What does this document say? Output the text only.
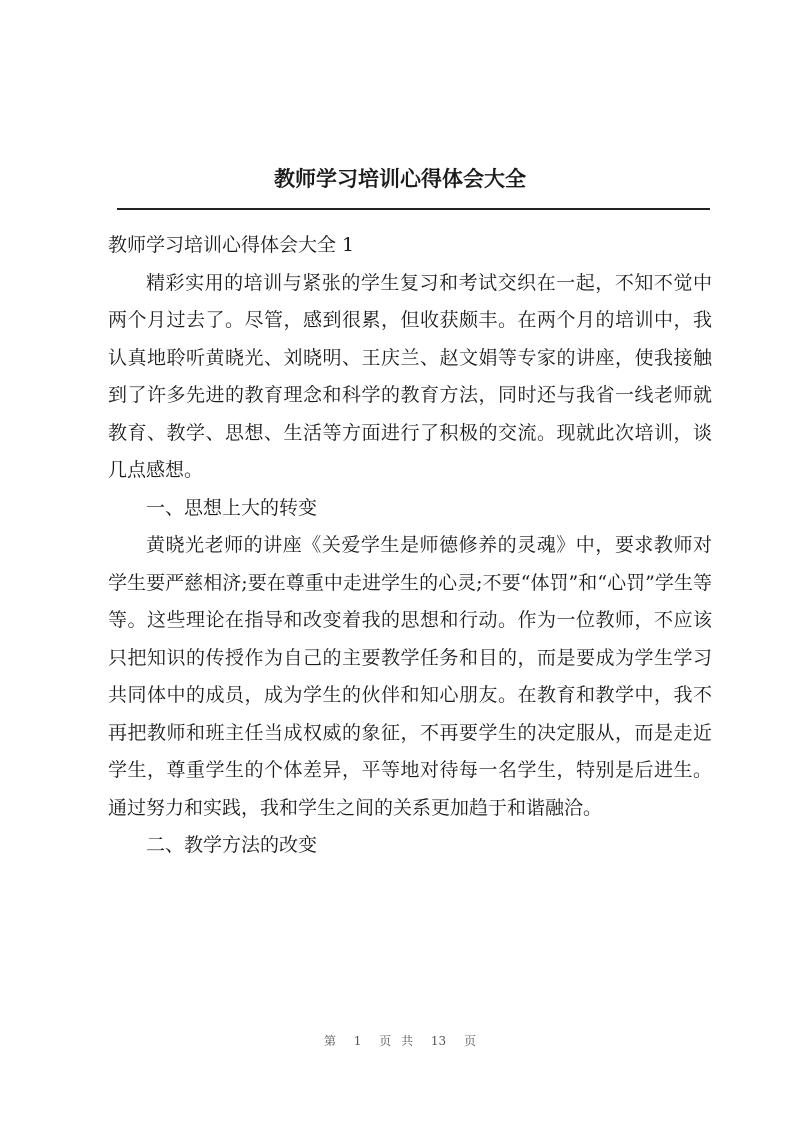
教师学习培训心得体会大全

教师学习培训心得体会大全 1

精彩实用的培训与紧张的学生复习和考试交织在一起，不知不觉中两个月过去了。尽管，感到很累，但收获颇丰。在两个月的培训中，我认真地聆听黄晓光、刘晓明、王庆兰、赵文娟等专家的讲座，使我接触到了许多先进的教育理念和科学的教育方法，同时还与我省一线老师就教育、教学、思想、生活等方面进行了积极的交流。现就此次培训，谈几点感想。

一、思想上大的转变

黄晓光老师的讲座《关爱学生是师德修养的灵魂》中，要求教师对学生要严慈相济;要在尊重中走进学生的心灵;不要“体罚”和“心罚”学生等等。这些理论在指导和改变着我的思想和行动。作为一位教师，不应该只把知识的传授作为自己的主要教学任务和目的，而是要成为学生学习共同体中的成员，成为学生的伙伴和知心朋友。在教育和教学中，我不再把教师和班主任当成权威的象征，不再要学生的决定服从，而是走近学生，尊重学生的个体差异，平等地对待每一名学生，特别是后进生。通过努力和实践，我和学生之间的关系更加趋于和谐融洽。

二、教学方法的改变

第 1 页 共 13 页
